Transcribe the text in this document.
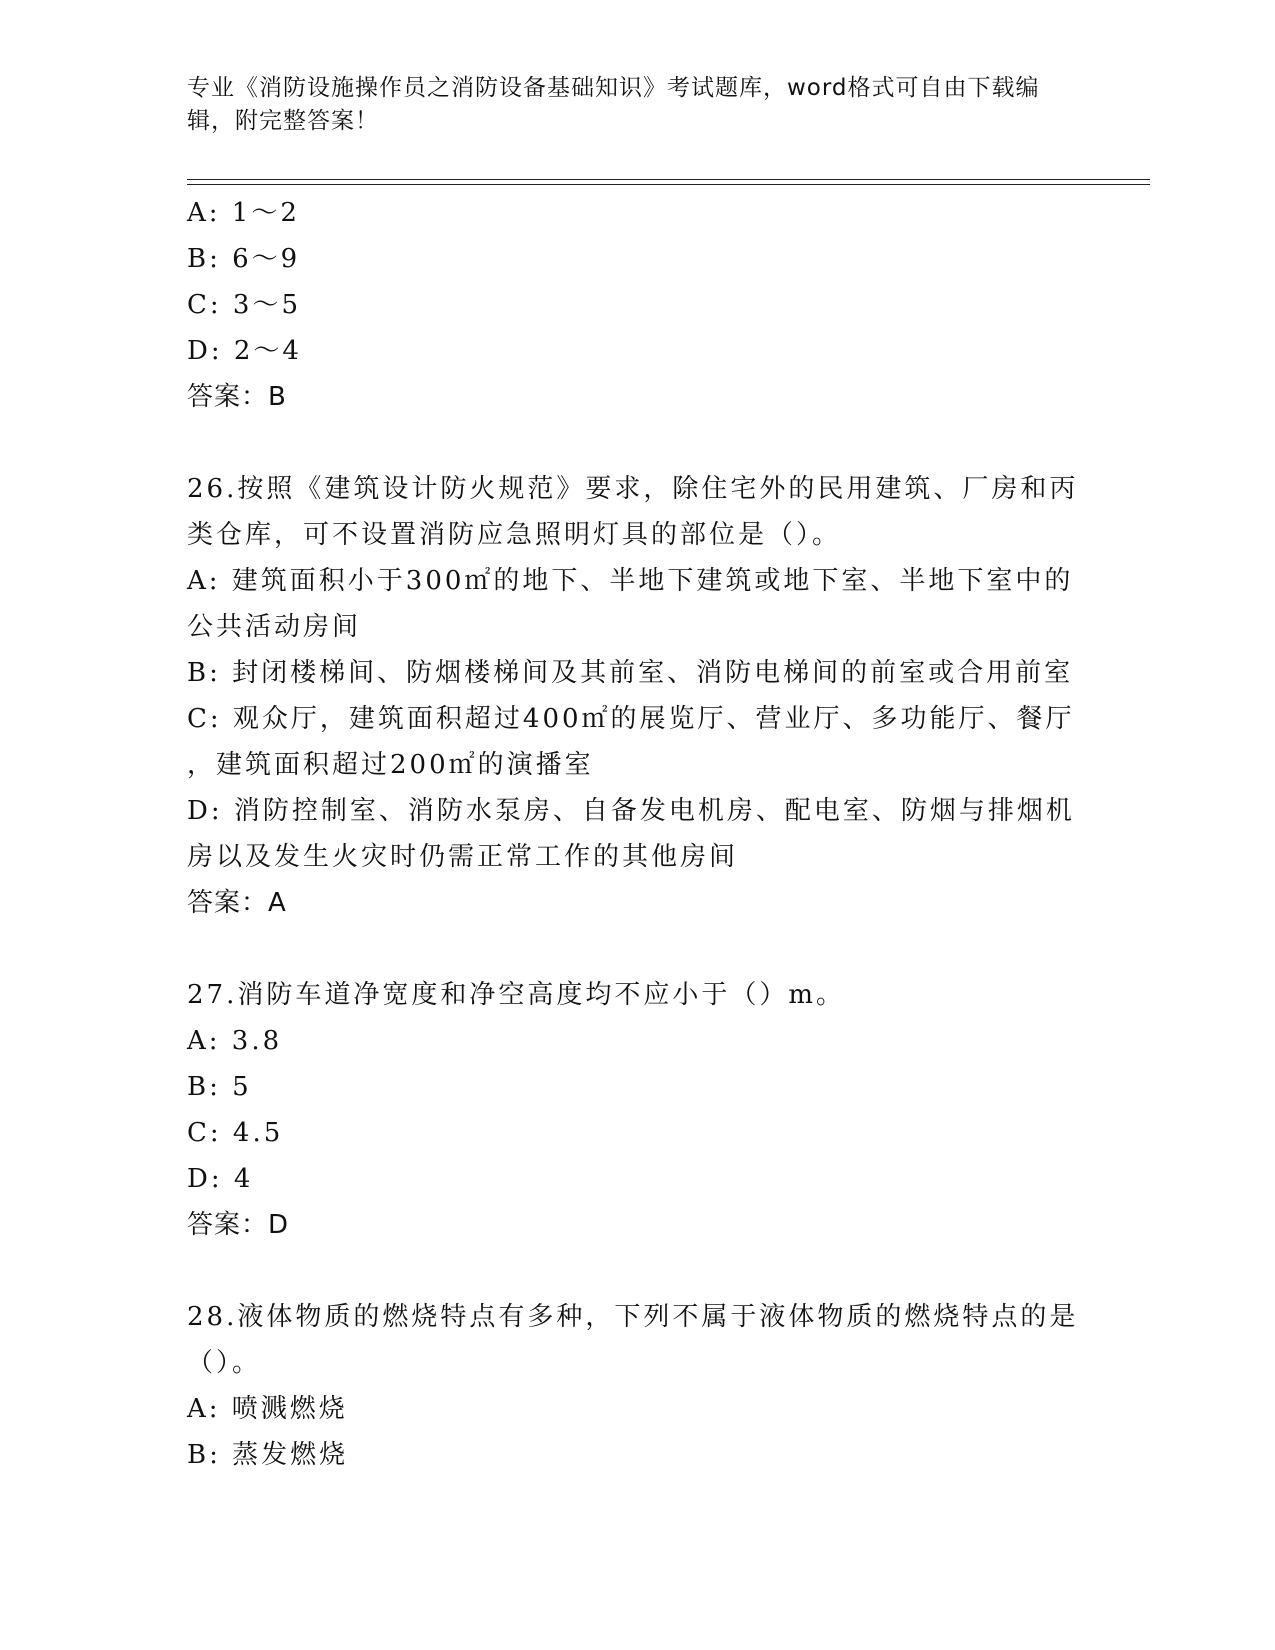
专业《消防设施操作员之消防设备基础知识》考试题库，word格式可自由下载编辑，附完整答案！
A: 1～2
B: 6～9
C: 3～5
D: 2～4
答案：B
26.按照《建筑设计防火规范》要求，除住宅外的民用建筑、厂房和丙
类仓库，可不设置消防应急照明灯具的部位是（）。
A: 建筑面积小于300㎡的地下、半地下建筑或地下室、半地下室中的
公共活动房间
B: 封闭楼梯间、防烟楼梯间及其前室、消防电梯间的前室或合用前室
C: 观众厅，建筑面积超过400㎡的展览厅、营业厅、多功能厅、餐厅
，建筑面积超过200㎡的演播室
D: 消防控制室、消防水泵房、自备发电机房、配电室、防烟与排烟机
房以及发生火灾时仍需正常工作的其他房间
答案：A
27.消防车道净宽度和净空高度均不应小于（）m。
A: 3.8
B: 5
C: 4.5
D: 4
答案：D
28.液体物质的燃烧特点有多种，下列不属于液体物质的燃烧特点的是
（）。
A: 喷溅燃烧
B: 蒸发燃烧
